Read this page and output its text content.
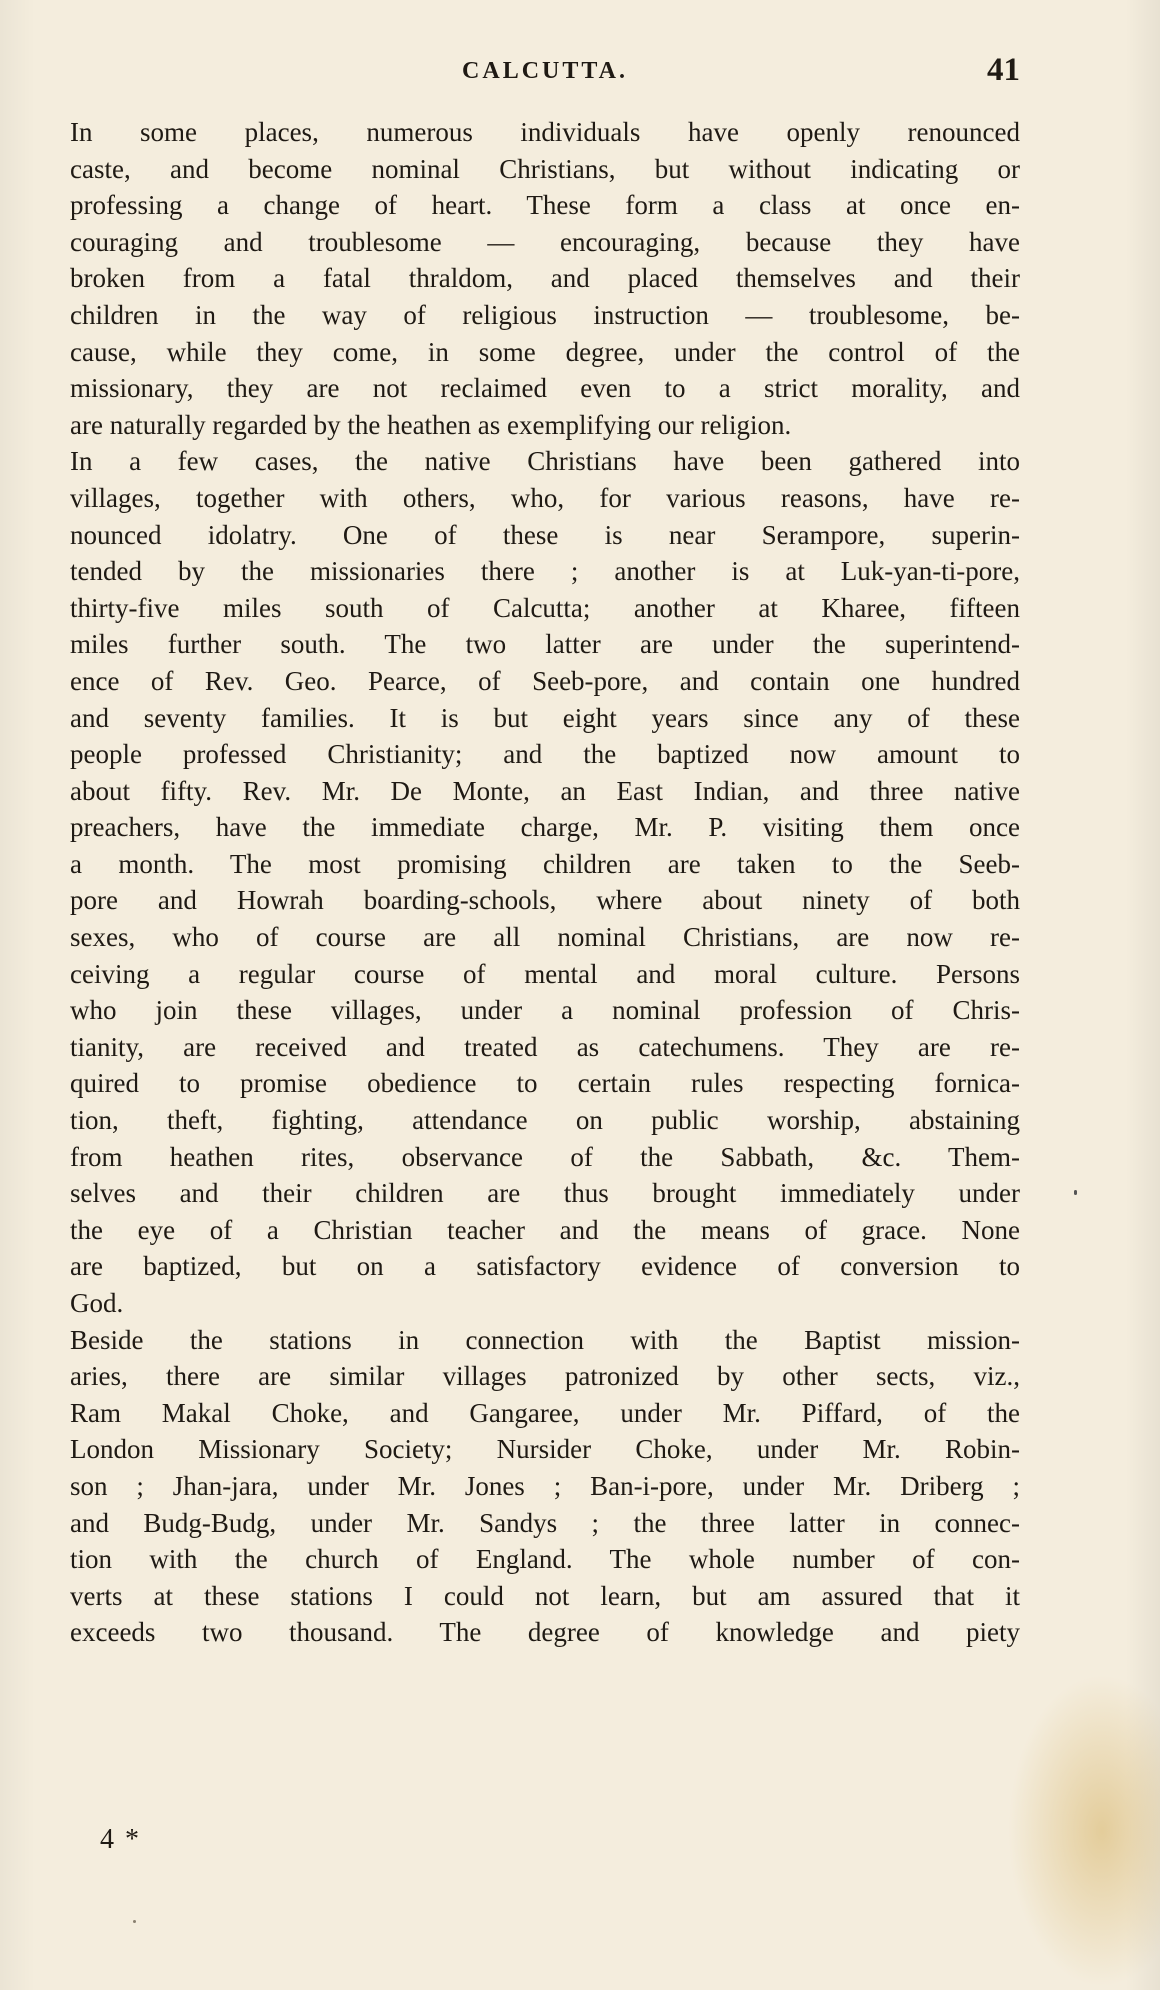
CALCUTTA.	41
In some places, numerous individuals have openly renounced
caste, and become nominal Christians, but without indicating or
professing a change of heart. These form a class at once en-
couraging and troublesome — encouraging, because they have
broken from a fatal thraldom, and placed themselves and their
children in the way of religious instruction — troublesome, be-
cause, while they come, in some degree, under the control of the
missionary, they are not reclaimed even to a strict morality, and
are naturally regarded by the heathen as exemplifying our religion.
In a few cases, the native Christians have been gathered into
villages, together with others, who, for various reasons, have re-
nounced idolatry. One of these is near Serampore, superin-
tended by the missionaries there ; another is at Luk-yan-ti-pore,
thirty-five miles south of Calcutta; another at Kharee, fifteen
miles further south. The two latter are under the superintend-
ence of Rev. Geo. Pearce, of Seeb-pore, and contain one hundred
and seventy families. It is but eight years since any of these
people professed Christianity; and the baptized now amount to
about fifty. Rev. Mr. De Monte, an East Indian, and three native
preachers, have the immediate charge, Mr. P. visiting them once
a month. The most promising children are taken to the Seeb-
pore and Howrah boarding-schools, where about ninety of both
sexes, who of course are all nominal Christians, are now re-
ceiving a regular course of mental and moral culture. Persons
who join these villages, under a nominal profession of Chris-
tianity, are received and treated as catechumens. They are re-
quired to promise obedience to certain rules respecting fornica-
tion, theft, fighting, attendance on public worship, abstaining
from heathen rites, observance of the Sabbath, &c. Them-
selves and their children are thus brought immediately under
the eye of a Christian teacher and the means of grace. None
are baptized, but on a satisfactory evidence of conversion to
God.
Beside the stations in connection with the Baptist mission-
aries, there are similar villages patronized by other sects, viz.,
Ram Makal Choke, and Gangaree, under Mr. Piffard, of the
London Missionary Society; Nursider Choke, under Mr. Robin-
son ; Jhan-jara, under Mr. Jones ; Ban-i-pore, under Mr. Driberg ;
and Budg-Budg, under Mr. Sandys ; the three latter in connec-
tion with the church of England. The whole number of con-
verts at these stations I could not learn, but am assured that it
exceeds two thousand. The degree of knowledge and piety
4 *
